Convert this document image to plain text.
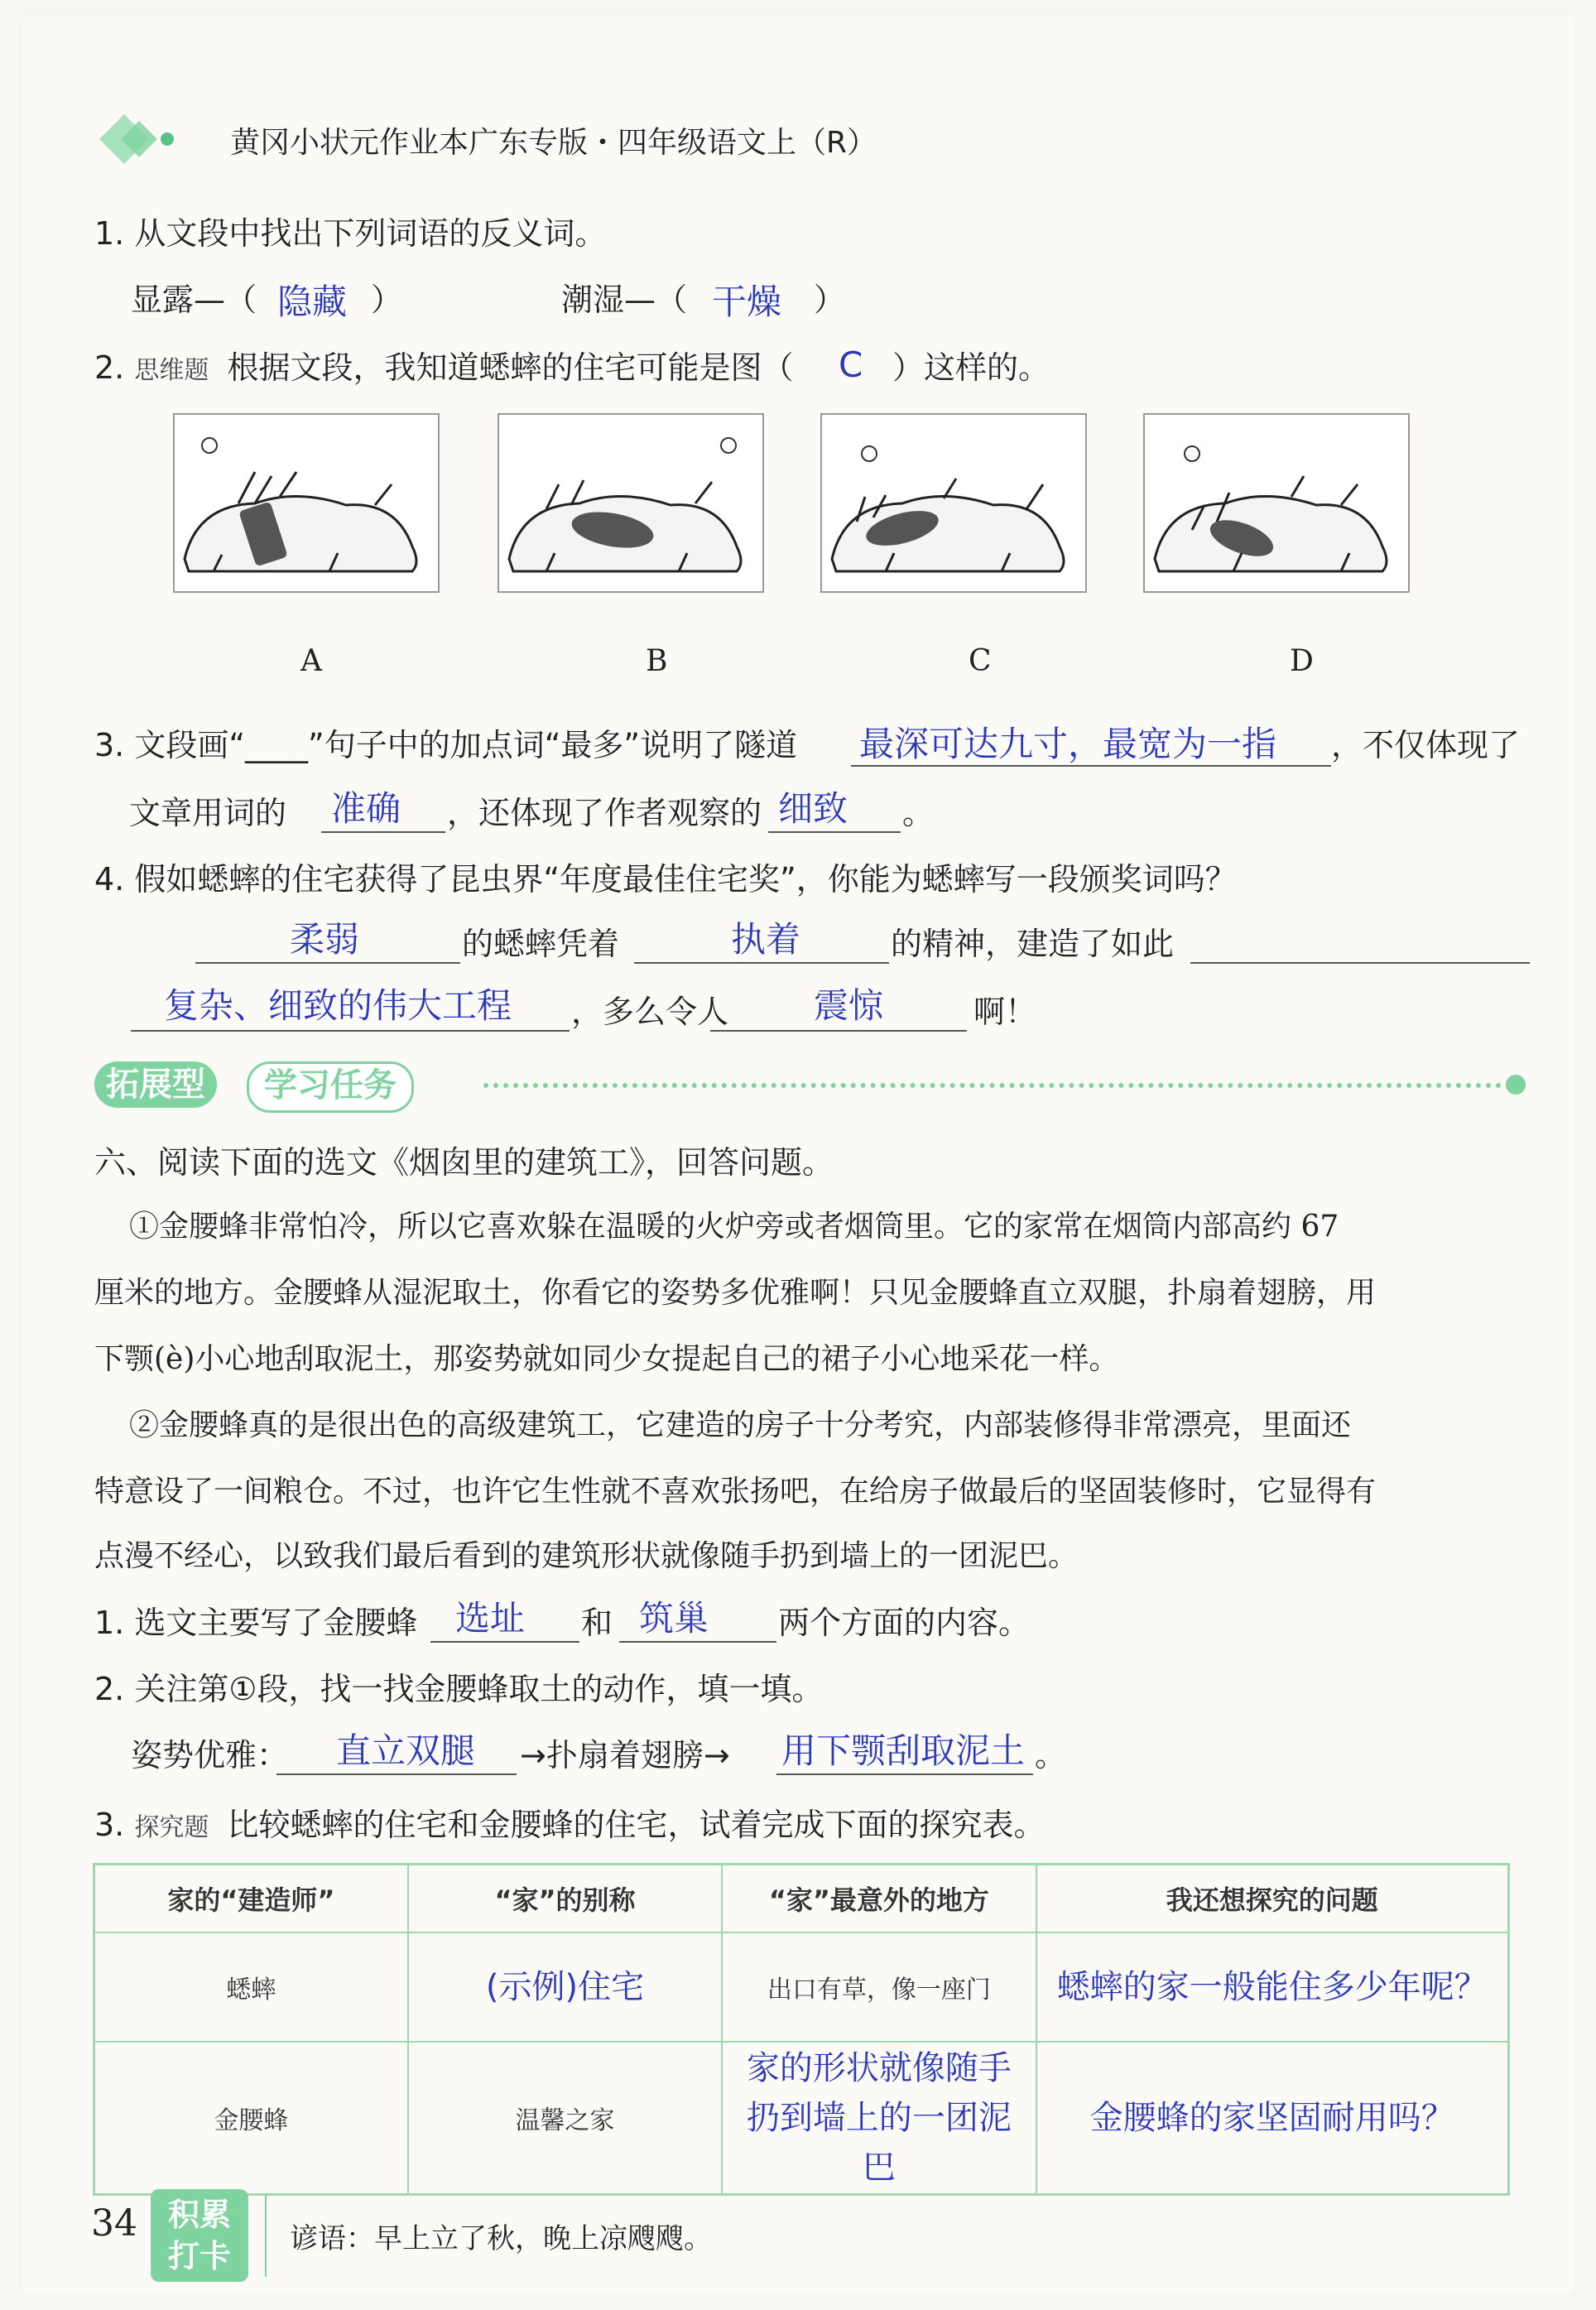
黄冈小状元作业本广东专版・四年级语文上（R）
1. 从文段中找出下列词语的反义词。
显露—（ 隐藏 ）	潮湿—（ 干燥 ）
2. 思维题 根据文段，我知道蟋蟀的住宅可能是图（ C ）这样的。
A	B	C	D
3. 文段画“____”句子中的加点词“最多”说明了隧道 最深可达九寸，最宽为一指 ，不仅体现了
文章用词的 准确 ，还体现了作者观察的 细致 。
4. 假如蟋蟀的住宅获得了昆虫界“年度最佳住宅奖”，你能为蟋蟀写一段颁奖词吗？
柔弱	的蟋蟀凭着	执着	的精神，建造了如此
复杂、细致的伟大工程 ，多么令人 震惊	啊！
拓展型	学习任务
六、阅读下面的选文《烟囱里的建筑工》，回答问题。
①金腰蜂非常怕冷，所以它喜欢躲在温暖的火炉旁或者烟筒里。它的家常在烟筒内部高约 67
厘米的地方。金腰蜂从湿泥取土，你看它的姿势多优雅啊！只见金腰蜂直立双腿，扑扇着翅膀，用
下颚(è)小心地刮取泥土，那姿势就如同少女提起自己的裙子小心地采花一样。
②金腰蜂真的是很出色的高级建筑工，它建造的房子十分考究，内部装修得非常漂亮，里面还
特意设了一间粮仓。不过，也许它生性就不喜欢张扬吧，在给房子做最后的坚固装修时，它显得有
点漫不经心，以致我们最后看到的建筑形状就像随手扔到墙上的一团泥巴。
1. 选文主要写了金腰蜂 选址 和 筑巢 两个方面的内容。
2. 关注第①段，找一找金腰蜂取土的动作，填一填。
姿势优雅： 直立双腿 →扑扇着翅膀→ 用下颚刮取泥土 。
3. 探究题 比较蟋蟀的住宅和金腰蜂的住宅，试着完成下面的探究表。
家的“建造师”	“家”的别称	“家”最意外的地方	我还想探究的问题
蟋蟀	(示例)住宅	出口有草，像一座门	蟋蟀的家一般能住多少年呢？
金腰蜂	温馨之家	家的形状就像随手扔到墙上的一团泥巴	金腰蜂的家坚固耐用吗？
34 积累
打卡	谚语：早上立了秋，晚上凉飕飕。
